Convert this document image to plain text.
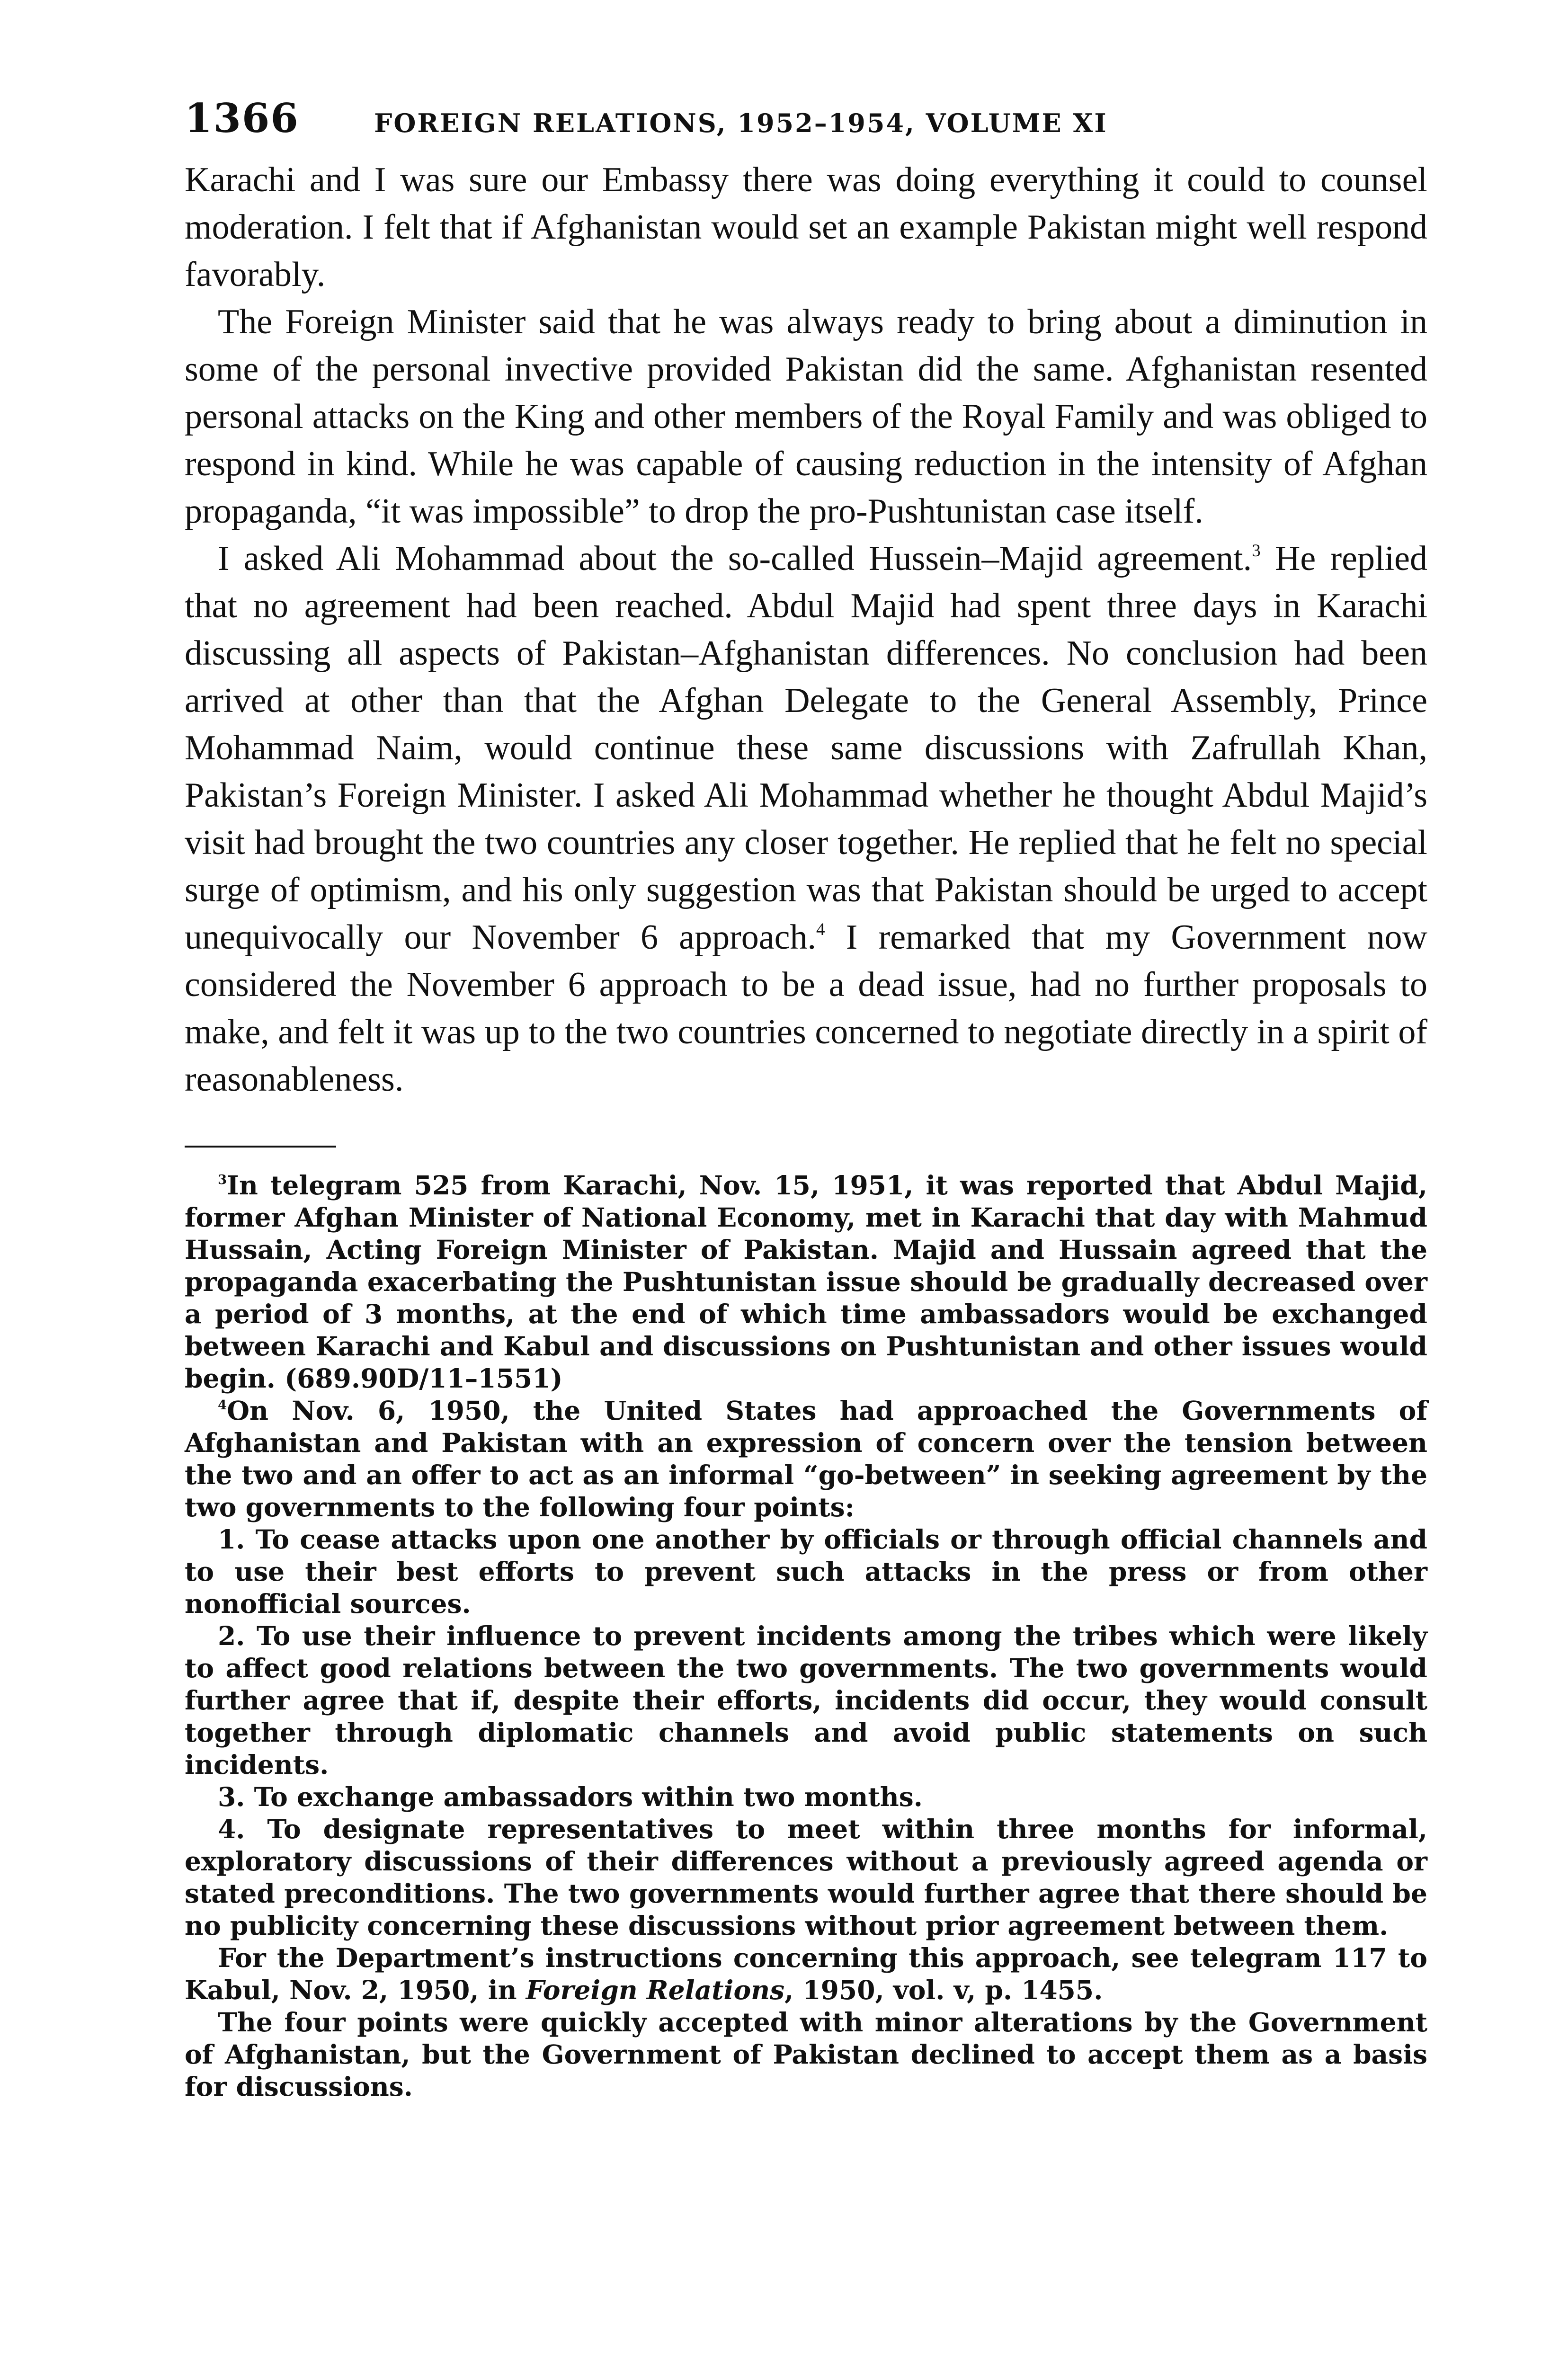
1366	FOREIGN RELATIONS, 1952–1954, VOLUME XI

Karachi and I was sure our Embassy there was doing everything it could to counsel moderation. I felt that if Afghanistan would set an example Pakistan might well respond favorably.

The Foreign Minister said that he was always ready to bring about a diminution in some of the personal invective provided Pakistan did the same. Afghanistan resented personal attacks on the King and other members of the Royal Family and was obliged to respond in kind. While he was capable of causing reduction in the intensity of Afghan propaganda, “it was impossible” to drop the pro-Pushtunistan case itself.

I asked Ali Mohammad about the so-called Hussein–Majid agreement.$^3$ He replied that no agreement had been reached. Abdul Majid had spent three days in Karachi discussing all aspects of Pakistan–Afghanistan differences. No conclusion had been arrived at other than that the Afghan Delegate to the General Assembly, Prince Mohammad Naim, would continue these same discussions with Zafrullah Khan, Pakistan’s Foreign Minister. I asked Ali Mohammad whether he thought Abdul Majid’s visit had brought the two countries any closer together. He replied that he felt no special surge of optimism, and his only suggestion was that Pakistan should be urged to accept unequivocally our November 6 approach.$^4$ I remarked that my Government now considered the November 6 approach to be a dead issue, had no further proposals to make, and felt it was up to the two countries concerned to negotiate directly in a spirit of reasonableness.

$^3$In telegram 525 from Karachi, Nov. 15, 1951, it was reported that Abdul Majid, former Afghan Minister of National Economy, met in Karachi that day with Mahmud Hussain, Acting Foreign Minister of Pakistan. Majid and Hussain agreed that the propaganda exacerbating the Pushtunistan issue should be gradually decreased over a period of 3 months, at the end of which time ambassadors would be exchanged between Karachi and Kabul and discussions on Pushtunistan and other issues would begin. (689.90D/11–1551)

$^4$On Nov. 6, 1950, the United States had approached the Governments of Afghanistan and Pakistan with an expression of concern over the tension between the two and an offer to act as an informal “go-between” in seeking agreement by the two governments to the following four points:

1. To cease attacks upon one another by officials or through official channels and to use their best efforts to prevent such attacks in the press or from other nonofficial sources.

2. To use their influence to prevent incidents among the tribes which were likely to affect good relations between the two governments. The two governments would further agree that if, despite their efforts, incidents did occur, they would consult together through diplomatic channels and avoid public statements on such incidents.

3. To exchange ambassadors within two months.

4. To designate representatives to meet within three months for informal, exploratory discussions of their differences without a previously agreed agenda or stated preconditions. The two governments would further agree that there should be no publicity concerning these discussions without prior agreement between them.

For the Department’s instructions concerning this approach, see telegram 117 to Kabul, Nov. 2, 1950, in Foreign Relations, 1950, vol. v, p. 1455.

The four points were quickly accepted with minor alterations by the Government of Afghanistan, but the Government of Pakistan declined to accept them as a basis for discussions.
